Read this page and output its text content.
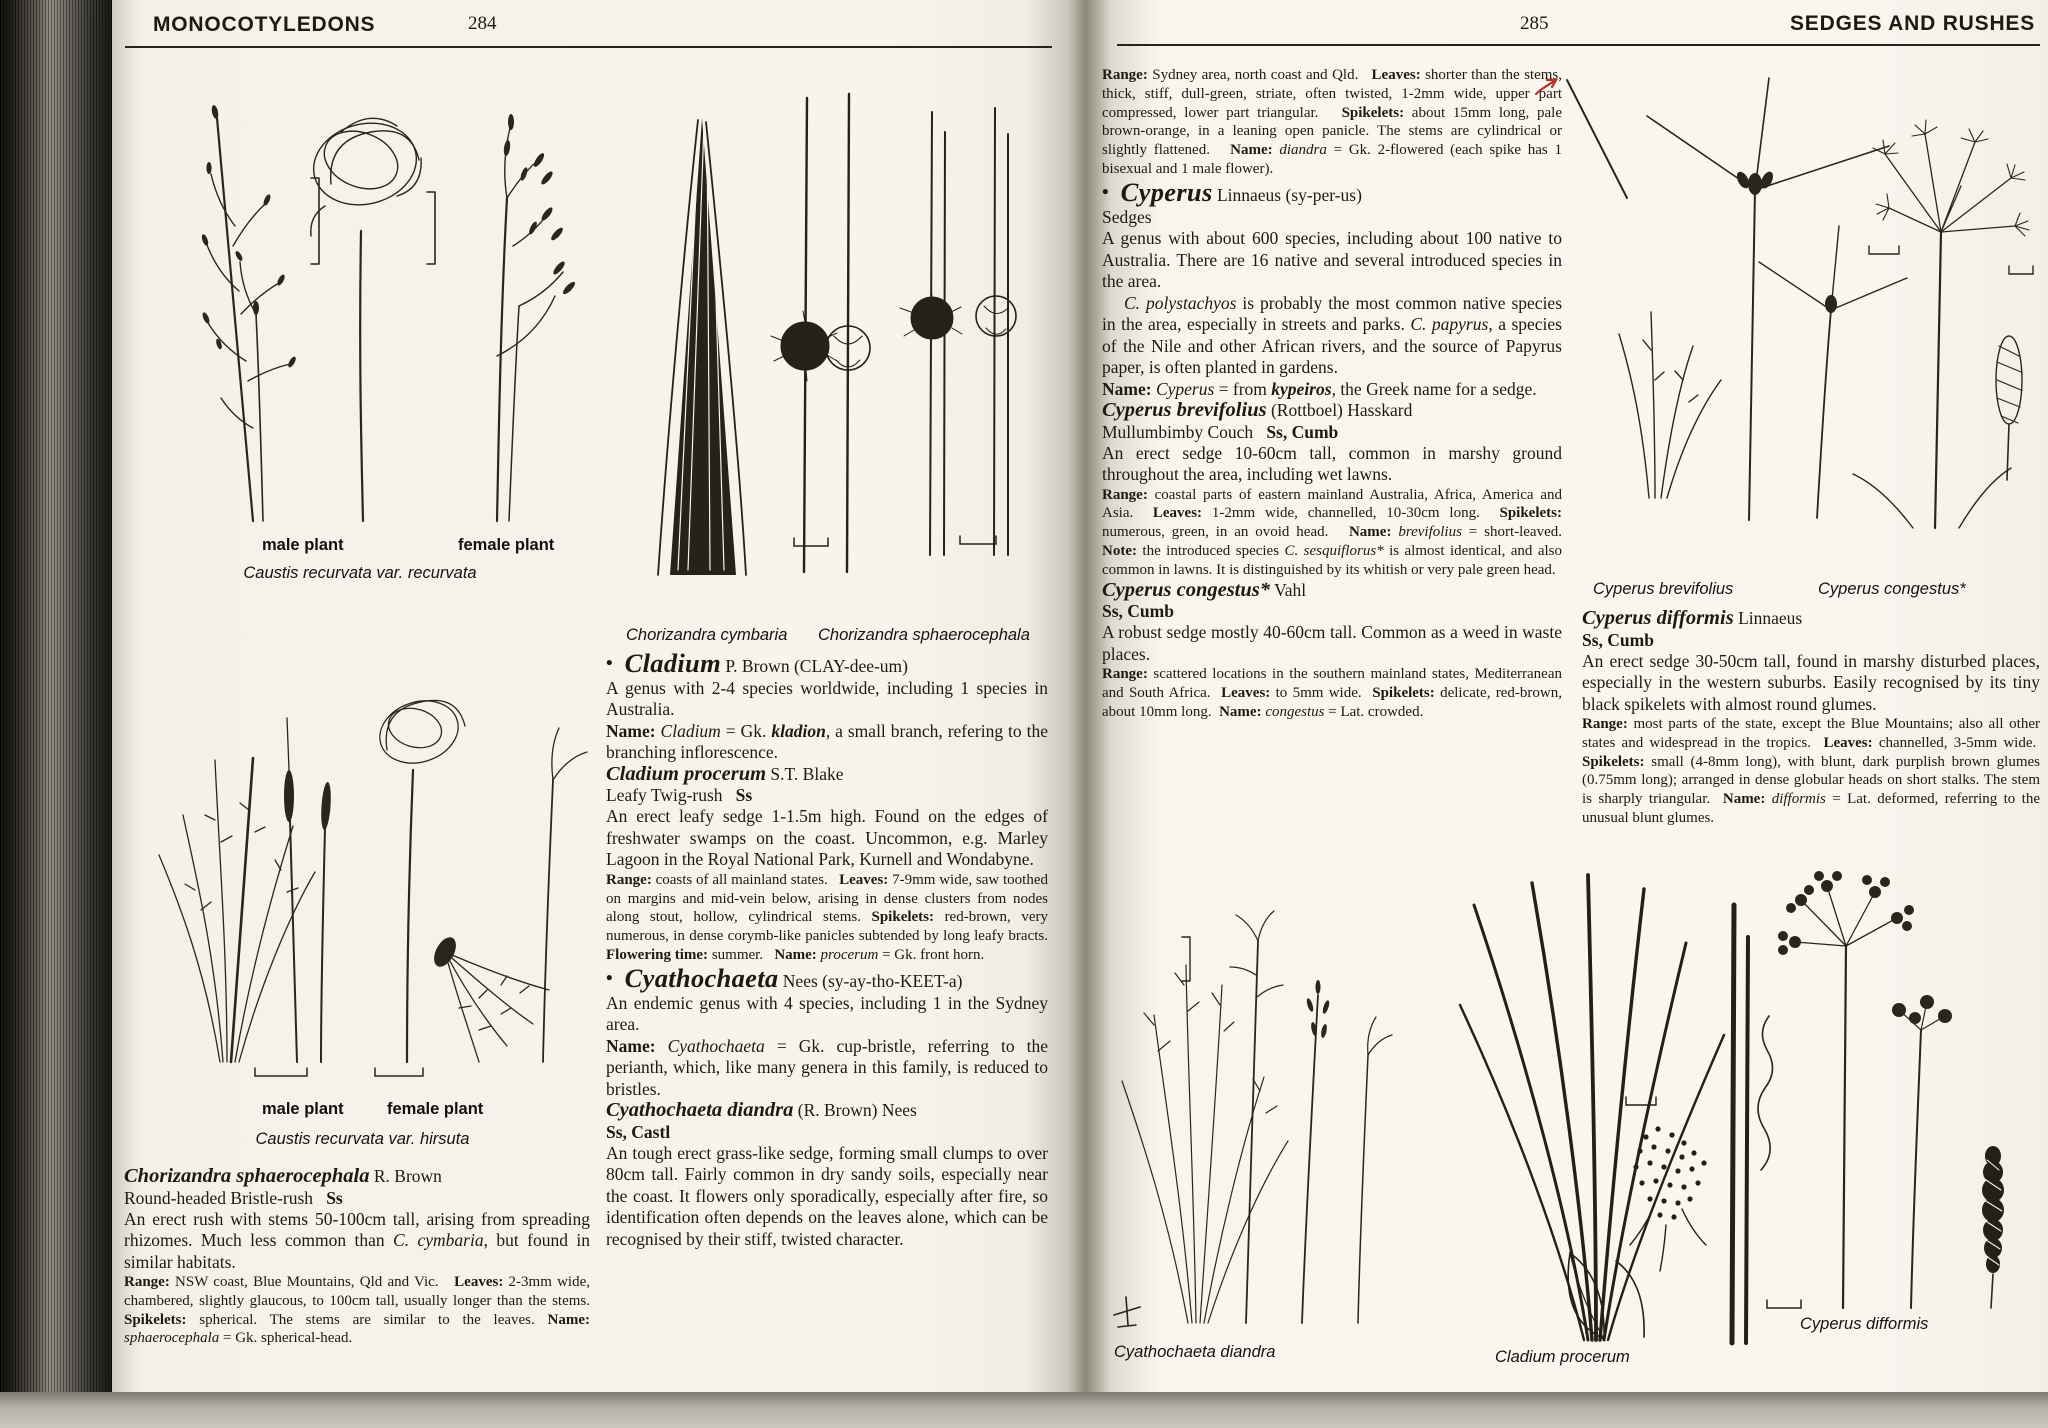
MONOCOTYLEDONS	284	285	SEDGES AND RUSHES
male plant	female plant
Caustis recurvata var. recurvata
Chorizandra cymbaria Chorizandra sphaerocephala
male plant	female plant
Caustis recurvata var. hirsuta

• Cladium P. Brown (CLAY-dee-um)

A genus with 2-4 species worldwide, including 1 species in Australia.

Name: Cladium = Gk. kladion, a small branch, refering to the branching inflorescence.

Cladium procerum S.T. Blake

Leafy Twig-rush Ss

An erect leafy sedge 1-1.5m high. Found on the edges of freshwater swamps on the coast. Uncommon, e.g. Marley Lagoon in the Royal National Park, Kurnell and Wondabyne.

Range: coasts of all mainland states.   Leaves: 7-9mm wide, saw toothed on margins and mid-vein below, arising in dense clusters from nodes along stout, hollow, cylindrical stems. Spikelets: red-brown, very numerous, in dense corymb-like panicles subtended by long leafy bracts. Flowering time: summer.   Name: procerum = Gk. front horn.

• Cyathochaeta Nees (sy-ay-tho-KEET-a)

An endemic genus with 4 species, including 1 in the Sydney area.

Name: Cyathochaeta = Gk. cup-bristle, referring to the perianth, which, like many genera in this family, is reduced to bristles.

Cyathochaeta diandra (R. Brown) Nees

Ss, Castl

An tough erect grass-like sedge, forming small clumps to over 80cm tall. Fairly common in dry sandy soils, especially near the coast. It flowers only sporadically, especially after fire, so identification often depends on the leaves alone, which can be recognised by their stiff, twisted character.

Chorizandra sphaerocephala R. Brown

Round-headed Bristle-rush Ss

An erect rush with stems 50-100cm tall, arising from spreading rhizomes. Much less common than C. cymbaria, but found in similar habitats.

Range: NSW coast, Blue Mountains, Qld and Vic.   Leaves: 2-3mm wide, chambered, slightly glaucous, to 100cm tall, usually longer than the stems. Spikelets: spherical. The stems are similar to the leaves. Name: sphaerocephala = Gk. spherical-head.

Range: Sydney area, north coast and Qld.   Leaves: shorter than the stems, thick, stiff, dull-green, striate, often twisted, 1-2mm wide, upper part compressed, lower part triangular.   Spikelets: about 15mm long, pale brown-orange, in a leaning open panicle. The stems are cylindrical or slightly flattened.   Name: diandra = Gk. 2-flowered (each spike has 1 bisexual and 1 male flower).

• Cyperus Linnaeus (sy-per-us)

Sedges

A genus with about 600 species, including about 100 native to Australia. There are 16 native and several introduced species in the area.

C. polystachyos is probably the most common native species in the area, especially in streets and parks. C. papyrus, a species of the Nile and other African rivers, and the source of Papyrus paper, is often planted in gardens.

Name: Cyperus = from kypeiros, the Greek name for a sedge.

Cyperus brevifolius (Rottboel) Hasskard

Mullumbimby Couch Ss, Cumb

An erect sedge 10-60cm tall, common in marshy ground throughout the area, including wet lawns.

Range: coastal parts of eastern mainland Australia, Africa, America and Asia.  Leaves: 1-2mm wide, channelled, 10-30cm long.  Spikelets: numerous, green, in an ovoid head.   Name: brevifolius = short-leaved. Note: the introduced species C. sesquiflorus* is almost identical, and also common in lawns. It is distinguished by its whitish or very pale green head.

Cyperus congestus* Vahl

Ss, Cumb

A robust sedge mostly 40-60cm tall. Common as a weed in waste places.

Range: scattered locations in the southern mainland states, Mediterranean and South Africa.  Leaves: to 5mm wide.  Spikelets: delicate, red-brown, about 10mm long.  Name: congestus = Lat. crowded.

Cyperus brevifolius	Cyperus congestus*

Cyperus difformis Linnaeus

Ss, Cumb

An erect sedge 30-50cm tall, found in marshy disturbed places, especially in the western suburbs. Easily recognised by its tiny black spikelets with almost round glumes.

Range: most parts of the state, except the Blue Mountains; also all other states and widespread in the tropics.  Leaves: channelled, 3-5mm wide.  Spikelets: small (4-8mm long), with blunt, dark purplish brown glumes (0.75mm long); arranged in dense globular heads on short stalks. The stem is sharply triangular.  Name: difformis = Lat. deformed, referring to the unusual blunt glumes.

Cyathochaeta diandra	Cladium procerum
Cyperus difformis
